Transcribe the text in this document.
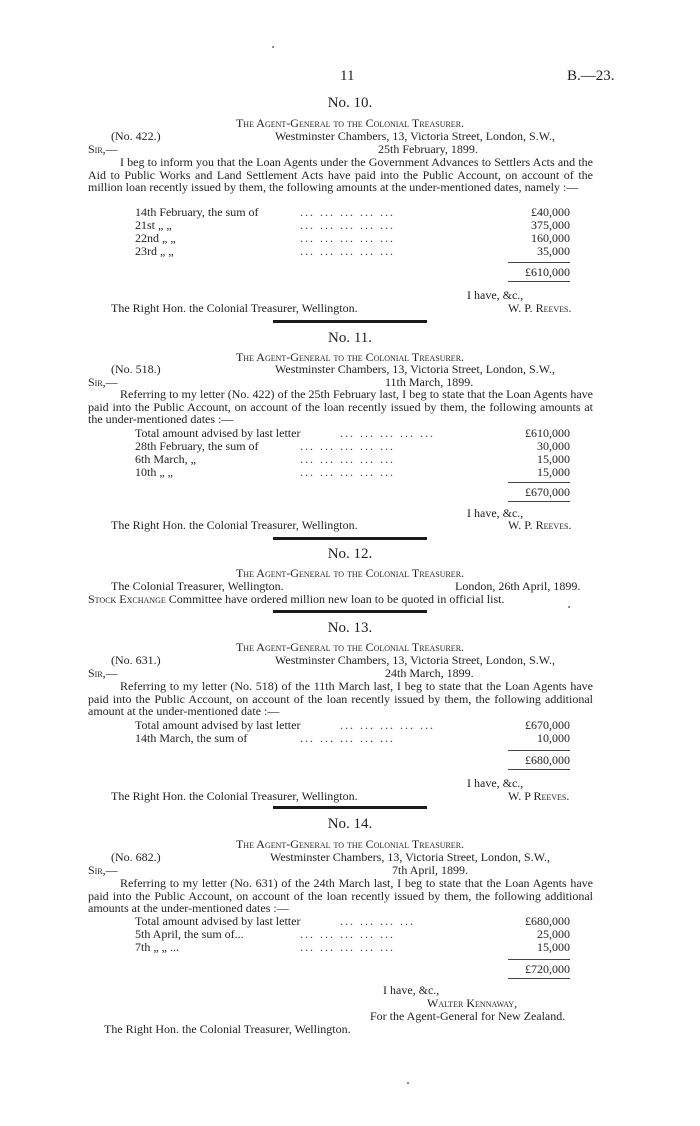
11	B.—23.
No. 10.
The Agent-General to the Colonial Treasurer.
(No. 422.)	Westminster Chambers, 13, Victoria Street, London, S.W.,
Sir,—	25th February, 1899.
I beg to inform you that the Loan Agents under the Government Advances to Settlers Acts and the Aid to Public Works and Land Settlement Acts have paid into the Public Account, on account of the million loan recently issued by them, the following amounts at the under-mentioned dates, namely :—
14th February, the sum of	... ... ... ... ...	£40,000
21st „ „	... ... ... ... ...	375,000
22nd „ „	... ... ... ... ...	160,000
23rd „ „	... ... ... ... ...	35,000
£610,000
I have, &c.,
W. P. Reeves.
The Right Hon. the Colonial Treasurer, Wellington.
No. 11.
The Agent-General to the Colonial Treasurer.
(No. 518.)	Westminster Chambers, 13, Victoria Street, London, S.W.,
Sir,—	11th March, 1899.
Referring to my letter (No. 422) of the 25th February last, I beg to state that the Loan Agents have paid into the Public Account, on account of the loan recently issued by them, the following amounts at the under-mentioned dates :—
Total amount advised by last letter	... ... ... ... ...	£610,000
28th February, the sum of	... ... ... ... ...	30,000
6th March, „	... ... ... ... ...	15,000
10th „ „	... ... ... ... ...	15,000
£670,000
I have, &c.,
W. P. Reeves.
The Right Hon. the Colonial Treasurer, Wellington.
No. 12.
The Agent-General to the Colonial Treasurer.
The Colonial Treasurer, Wellington.	London, 26th April, 1899.
Stock Exchange Committee have ordered million new loan to be quoted in official list.
No. 13.
The Agent-General to the Colonial Treasurer.
(No. 631.)	Westminster Chambers, 13, Victoria Street, London, S.W.,
Sir,—	24th March, 1899.
Referring to my letter (No. 518) of the 11th March last, I beg to state that the Loan Agents have paid into the Public Account, on account of the loan recently issued by them, the following additional amount at the under-mentioned date :—
Total amount advised by last letter	... ... ... ... ...	£670,000
14th March, the sum of	... ... ... ... ...	10,000
£680,000
I have, &c.,
W. P Reeves.
The Right Hon. the Colonial Treasurer, Wellington.
No. 14.
The Agent-General to the Colonial Treasurer.
(No. 682.)	Westminster Chambers, 13, Victoria Street, London, S.W.,
Sir,—	7th April, 1899.
Referring to my letter (No. 631) of the 24th March last, I beg to state that the Loan Agents have paid into the Public Account, on account of the loan recently issued by them, the following additional amounts at the under-mentioned dates :—
Total amount advised by last letter	... ... ... ...	£680,000
5th April, the sum of...	... ... ... ... ...	25,000
7th „ „ ...	... ... ... ... ...	15,000
£720,000
I have, &c.,
Walter Kennaway,
For the Agent-General for New Zealand.
The Right Hon. the Colonial Treasurer, Wellington.
